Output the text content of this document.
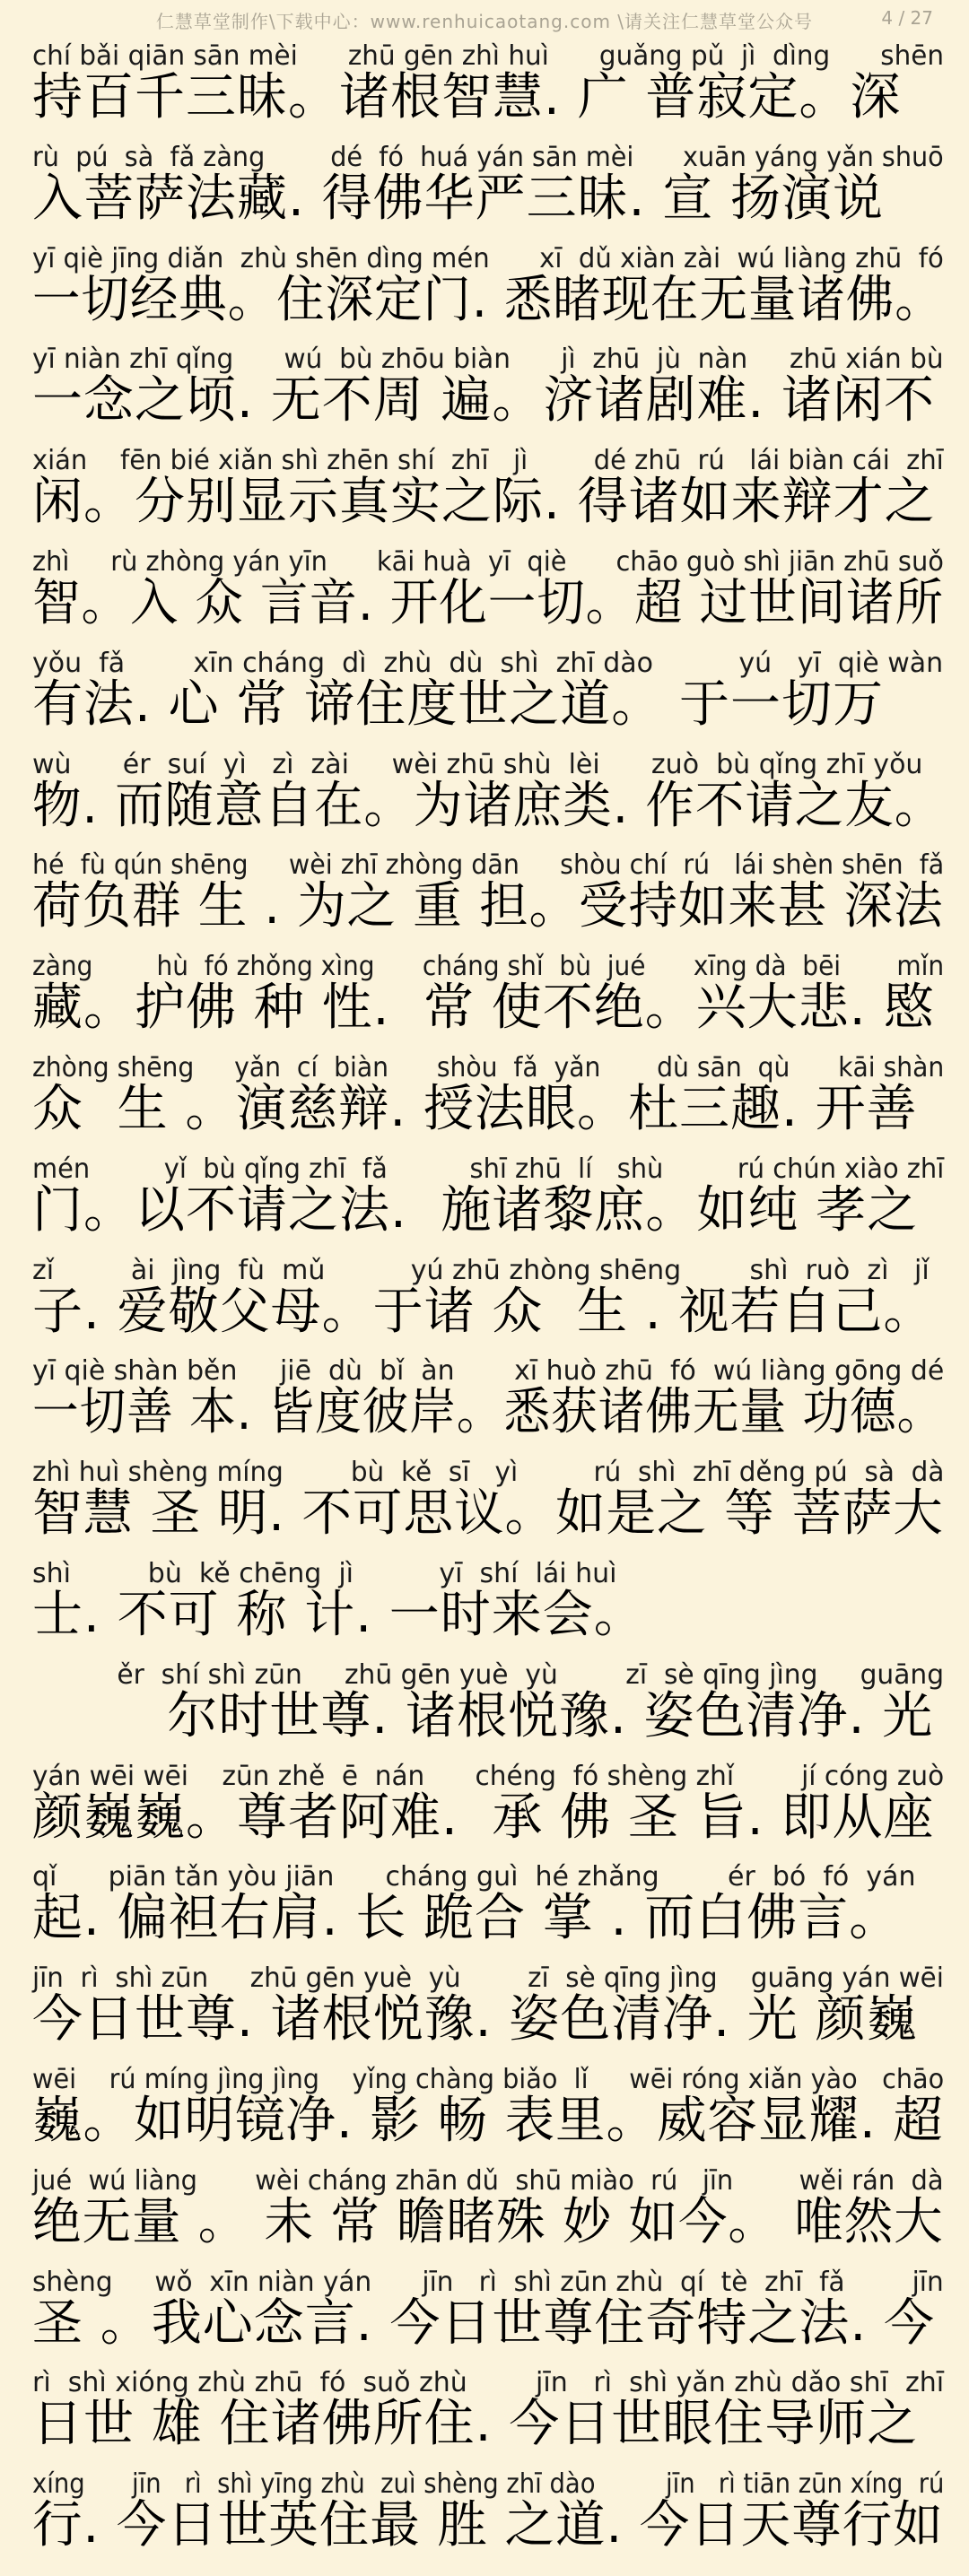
仁慧草堂制作\下载中心：www.renhuicaotang.com \请关注仁慧草堂公众号	4 / 27
chí bǎi qiān sān mèi      zhū gēn zhì huì      guǎng pǔ  jì  dìng      shēn
持百千三昧。诸根智慧. 广 普寂定。深
rù  pú  sà  fǎ zàng        dé  fó  huá yán sān mèi      xuān yáng yǎn shuō
入菩萨法藏. 得佛华严三昧. 宣 扬演说
yī qiè jīng diǎn  zhù shēn dìng mén      xī  dǔ xiàn zài  wú liàng zhū  fó
一切经典。住深定门. 悉睹现在无量诸佛。
yī niàn zhī qǐng      wú  bù zhōu biàn      jì  zhū  jù  nàn     zhū xián bù
一念之顷. 无不周 遍。济诸剧难. 诸闲不
xián    fēn bié xiǎn shì zhēn shí  zhī   jì        dé zhū  rú   lái biàn cái  zhī
闲。分别显示真实之际. 得诸如来辩才之
zhì     rù zhòng yán yīn      kāi huà  yī  qiè      chāo guò shì jiān zhū suǒ
智。入 众 言音. 开化一切。超 过世间诸所
yǒu  fǎ        xīn cháng  dì  zhù  dù  shì  zhī dào          yú   yī  qiè wàn
有法. 心 常 谛住度世之道。 于一切万
wù      ér  suí  yì   zì  zài     wèi zhū shù  lèi      zuò  bù qǐng zhī yǒu
物. 而随意自在。为诸庶类. 作不请之友。
hé  fù qún shēng     wèi zhī zhòng dān     shòu chí  rú   lái shèn shēn  fǎ
荷负群 生 . 为之 重 担。受持如来甚 深法
zàng        hù  fó zhǒng xìng      cháng shǐ  bù  jué      xīng dà  bēi       mǐn
藏。护佛 种 性.  常 使不绝。兴大悲. 愍
zhòng shēng     yǎn  cí  biàn      shòu  fǎ  yǎn       dù sān  qù      kāi shàn
众  生 。演慈辩. 授法眼。杜三趣. 开善
mén         yǐ  bù qǐng zhī  fǎ          shī zhū  lí   shù         rú chún xiào zhī
门。以不请之法.  施诸黎庶。如纯 孝之
zǐ         ài  jìng  fù  mǔ          yú zhū zhòng shēng        shì  ruò  zì   jǐ
子. 爱敬父母。于诸 众  生 . 视若自己。
yī qiè shàn běn     jiē  dù  bǐ  àn       xī huò zhū  fó  wú liàng gōng dé
一切善 本. 皆度彼岸。悉获诸佛无量 功德。
zhì huì shèng míng        bù  kě  sī   yì         rú  shì  zhī děng pú  sà  dà
智慧 圣 明. 不可思议。如是之 等 菩萨大
shì         bù  kě chēng  jì          yī  shí  lái huì
士. 不可 称 计. 一时来会。
ěr  shí shì zūn     zhū gēn yuè  yù        zī  sè qīng jìng     guāng
尔时世尊. 诸根悦豫. 姿色清净. 光
yán wēi wēi    zūn zhě  ē  nán      chéng  fó shèng zhǐ        jí cóng zuò
颜巍巍。尊者阿难.  承 佛 圣 旨. 即从座
qǐ      piān tǎn yòu jiān      cháng guì  hé zhǎng        ér  bó  fó  yán
起. 偏袒右肩. 长 跪合 掌 . 而白佛言。
jīn  rì  shì zūn     zhū gēn yuè  yù        zī  sè qīng jìng    guāng yán wēi
今日世尊. 诸根悦豫. 姿色清净. 光 颜巍
wēi    rú míng jìng jìng    yǐng chàng biǎo  lǐ     wēi róng xiǎn yào   chāo
巍。如明镜净. 影 畅 表里。威容显耀. 超
jué  wú liàng       wèi cháng zhān dǔ  shū miào  rú   jīn        wěi rán  dà
绝无量 。 未 常 瞻睹殊 妙 如今。 唯然大
shèng     wǒ  xīn niàn yán      jīn   rì  shì zūn zhù  qí  tè  zhī  fǎ        jīn
圣 。我心念言. 今日世尊住奇特之法. 今
rì  shì xióng zhù zhū  fó  suǒ zhù        jīn   rì  shì yǎn zhù dǎo shī  zhī
日世 雄 住诸佛所住. 今日世眼住导师之
xíng      jīn   rì  shì yīng zhù  zuì shèng zhī dào         jīn   rì tiān zūn xíng  rú
行. 今日世英住最 胜 之道. 今日天尊行如
